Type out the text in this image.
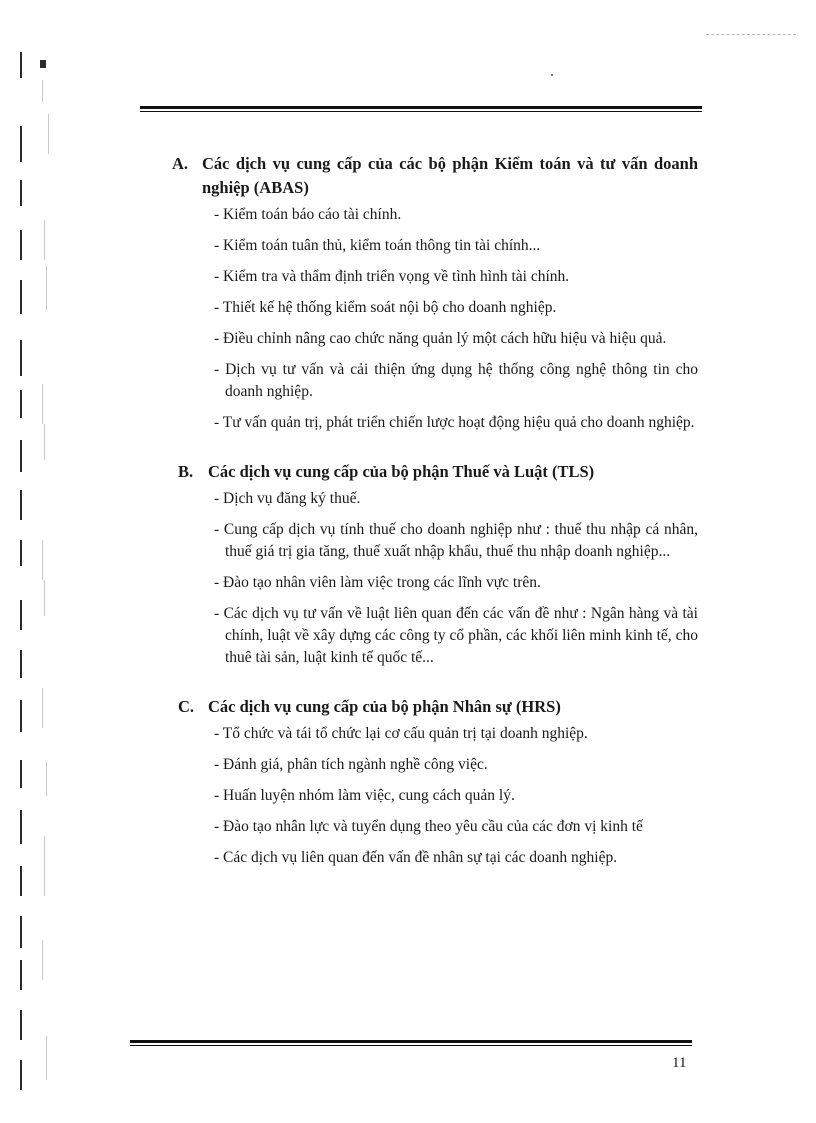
A. Các dịch vụ cung cấp của các bộ phận Kiểm toán và tư vấn doanh nghiệp (ABAS)

- Kiểm toán báo cáo tài chính.
- Kiểm toán tuân thủ, kiểm toán thông tin tài chính...
- Kiểm tra và thẩm định triển vọng về tình hình tài chính.
- Thiết kế hệ thống kiểm soát nội bộ cho doanh nghiệp.
- Điều chỉnh nâng cao chức năng quản lý một cách hữu hiệu và hiệu quả.
- Dịch vụ tư vấn và cải thiện ứng dụng hệ thống công nghệ thông tin cho doanh nghiệp.
- Tư vấn quản trị, phát triển chiến lược hoạt động hiệu quả cho doanh nghiệp.

B. Các dịch vụ cung cấp của bộ phận Thuế và Luật (TLS)

- Dịch vụ đăng ký thuế.
- Cung cấp dịch vụ tính thuế cho doanh nghiệp như : thuế thu nhập cá nhân, thuế giá trị gia tăng, thuế xuất nhập khẩu, thuế thu nhập doanh nghiệp...
- Đào tạo nhân viên làm việc trong các lĩnh vực trên.
- Các dịch vụ tư vấn về luật liên quan đến các vấn đề như : Ngân hàng và tài chính, luật về xây dựng các công ty cổ phần, các khối liên minh kinh tế, cho thuê tài sản, luật kinh tế quốc tế...

C. Các dịch vụ cung cấp của bộ phận Nhân sự (HRS)

- Tổ chức và tái tổ chức lại cơ cấu quản trị tại doanh nghiệp.
- Đánh giá, phân tích ngành nghề công việc.
- Huấn luyện nhóm làm việc, cung cách quản lý.
- Đào tạo nhân lực và tuyển dụng theo yêu cầu của các đơn vị kinh tế
- Các dịch vụ liên quan đến vấn đề nhân sự tại các doanh nghiệp.
11
